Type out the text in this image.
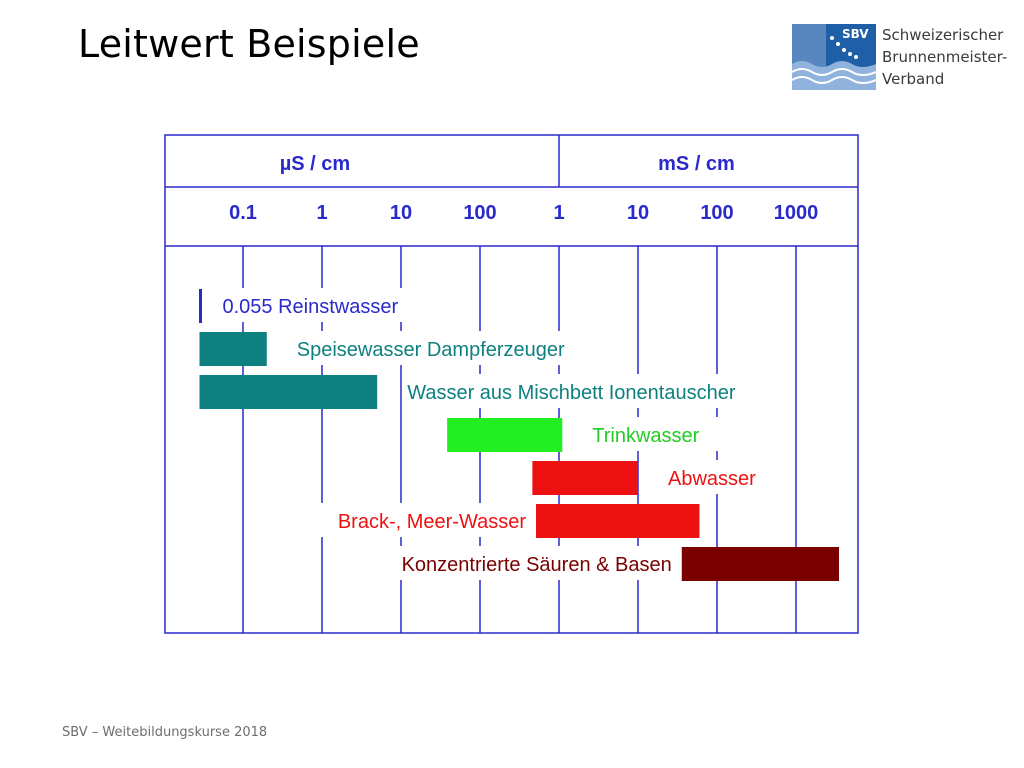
Leitwert Beispiele	SBV Schweizerischer
Brunnenmeister-
Verband
µS / cm	mS / cm
0.1	1	10	100	1	10	100 1000
0.055 Reinstwasser
Speisewasser Dampferzeuger
Wasser aus Mischbett Ionentauscher
Trinkwasser
Abwasser
Brack-, Meer-Wasser
Konzentrierte Säuren & Basen
SBV – Weitebildungskurse 2018
